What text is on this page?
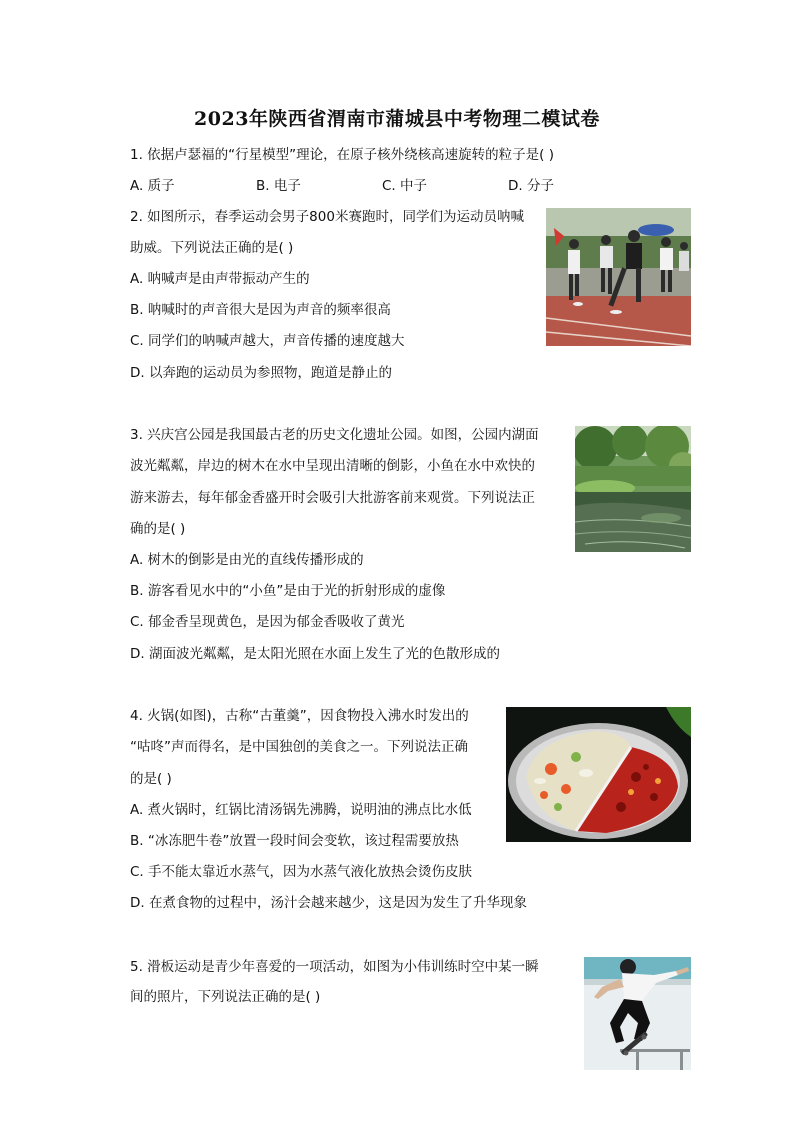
2023年陕西省渭南市蒲城县中考物理二模试卷
1. 依据卢瑟福的“行星模型”理论，在原子核外绕核高速旋转的粒子是( )
A. 质子	B. 电子	C. 中子	D. 分子
2. 如图所示，春季运动会男子800米赛跑时，同学们为运动员呐喊
助威。下列说法正确的是( )
A. 呐喊声是由声带振动产生的
B. 呐喊时的声音很大是因为声音的频率很高
C. 同学们的呐喊声越大，声音传播的速度越大
D. 以奔跑的运动员为参照物，跑道是静止的
3. 兴庆宫公园是我国最古老的历史文化遗址公园。如图，公园内湖面
波光粼粼，岸边的树木在水中呈现出清晰的倒影，小鱼在水中欢快的
游来游去，每年郁金香盛开时会吸引大批游客前来观赏。下列说法正
确的是( )
A. 树木的倒影是由光的直线传播形成的
B. 游客看见水中的“小鱼”是由于光的折射形成的虚像
C. 郁金香呈现黄色，是因为郁金香吸收了黄光
D. 湖面波光粼粼，是太阳光照在水面上发生了光的色散形成的
4. 火锅(如图)，古称“古董羹”，因食物投入沸水时发出的
“咕咚”声而得名，是中国独创的美食之一。下列说法正确
的是( )
A. 煮火锅时，红锅比清汤锅先沸腾，说明油的沸点比水低
B. “冰冻肥牛卷”放置一段时间会变软，该过程需要放热
C. 手不能太靠近水蒸气，因为水蒸气液化放热会烫伤皮肤
D. 在煮食物的过程中，汤汁会越来越少，这是因为发生了升华现象
5. 滑板运动是青少年喜爱的一项活动，如图为小伟训练时空中某一瞬
间的照片，下列说法正确的是( )
